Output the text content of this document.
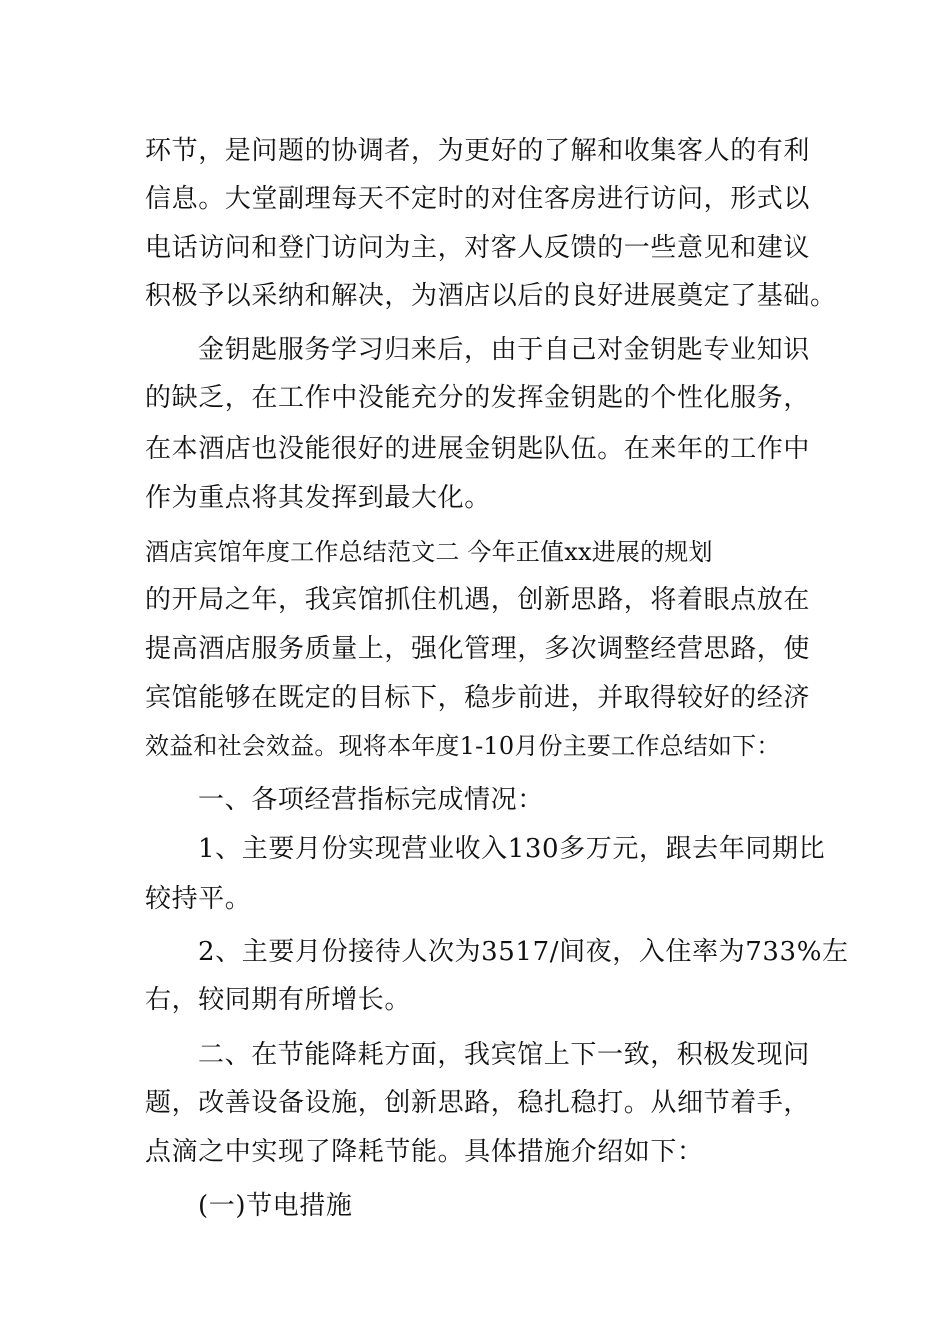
环节，是问题的协调者，为更好的了解和收集客人的有利
信息。大堂副理每天不定时的对住客房进行访问，形式以
电话访问和登门访问为主，对客人反馈的一些意见和建议
积极予以采纳和解决，为酒店以后的良好进展奠定了基础。
金钥匙服务学习归来后，由于自己对金钥匙专业知识
的缺乏，在工作中没能充分的发挥金钥匙的个性化服务，
在本酒店也没能很好的进展金钥匙队伍。在来年的工作中
作为重点将其发挥到最大化。
酒店宾馆年度工作总结范文二 今年正值xx进展的规划
的开局之年，我宾馆抓住机遇，创新思路，将着眼点放在
提高酒店服务质量上，强化管理，多次调整经营思路，使
宾馆能够在既定的目标下，稳步前进，并取得较好的经济
效益和社会效益。现将本年度1-10月份主要工作总结如下：
一、各项经营指标完成情况：
1、主要月份实现营业收入130多万元，跟去年同期比
较持平。
2、主要月份接待人次为3517/间夜，入住率为733%左
右，较同期有所增长。
二、在节能降耗方面，我宾馆上下一致，积极发现问
题，改善设备设施，创新思路，稳扎稳打。从细节着手，
点滴之中实现了降耗节能。具体措施介绍如下：
(一)节电措施
